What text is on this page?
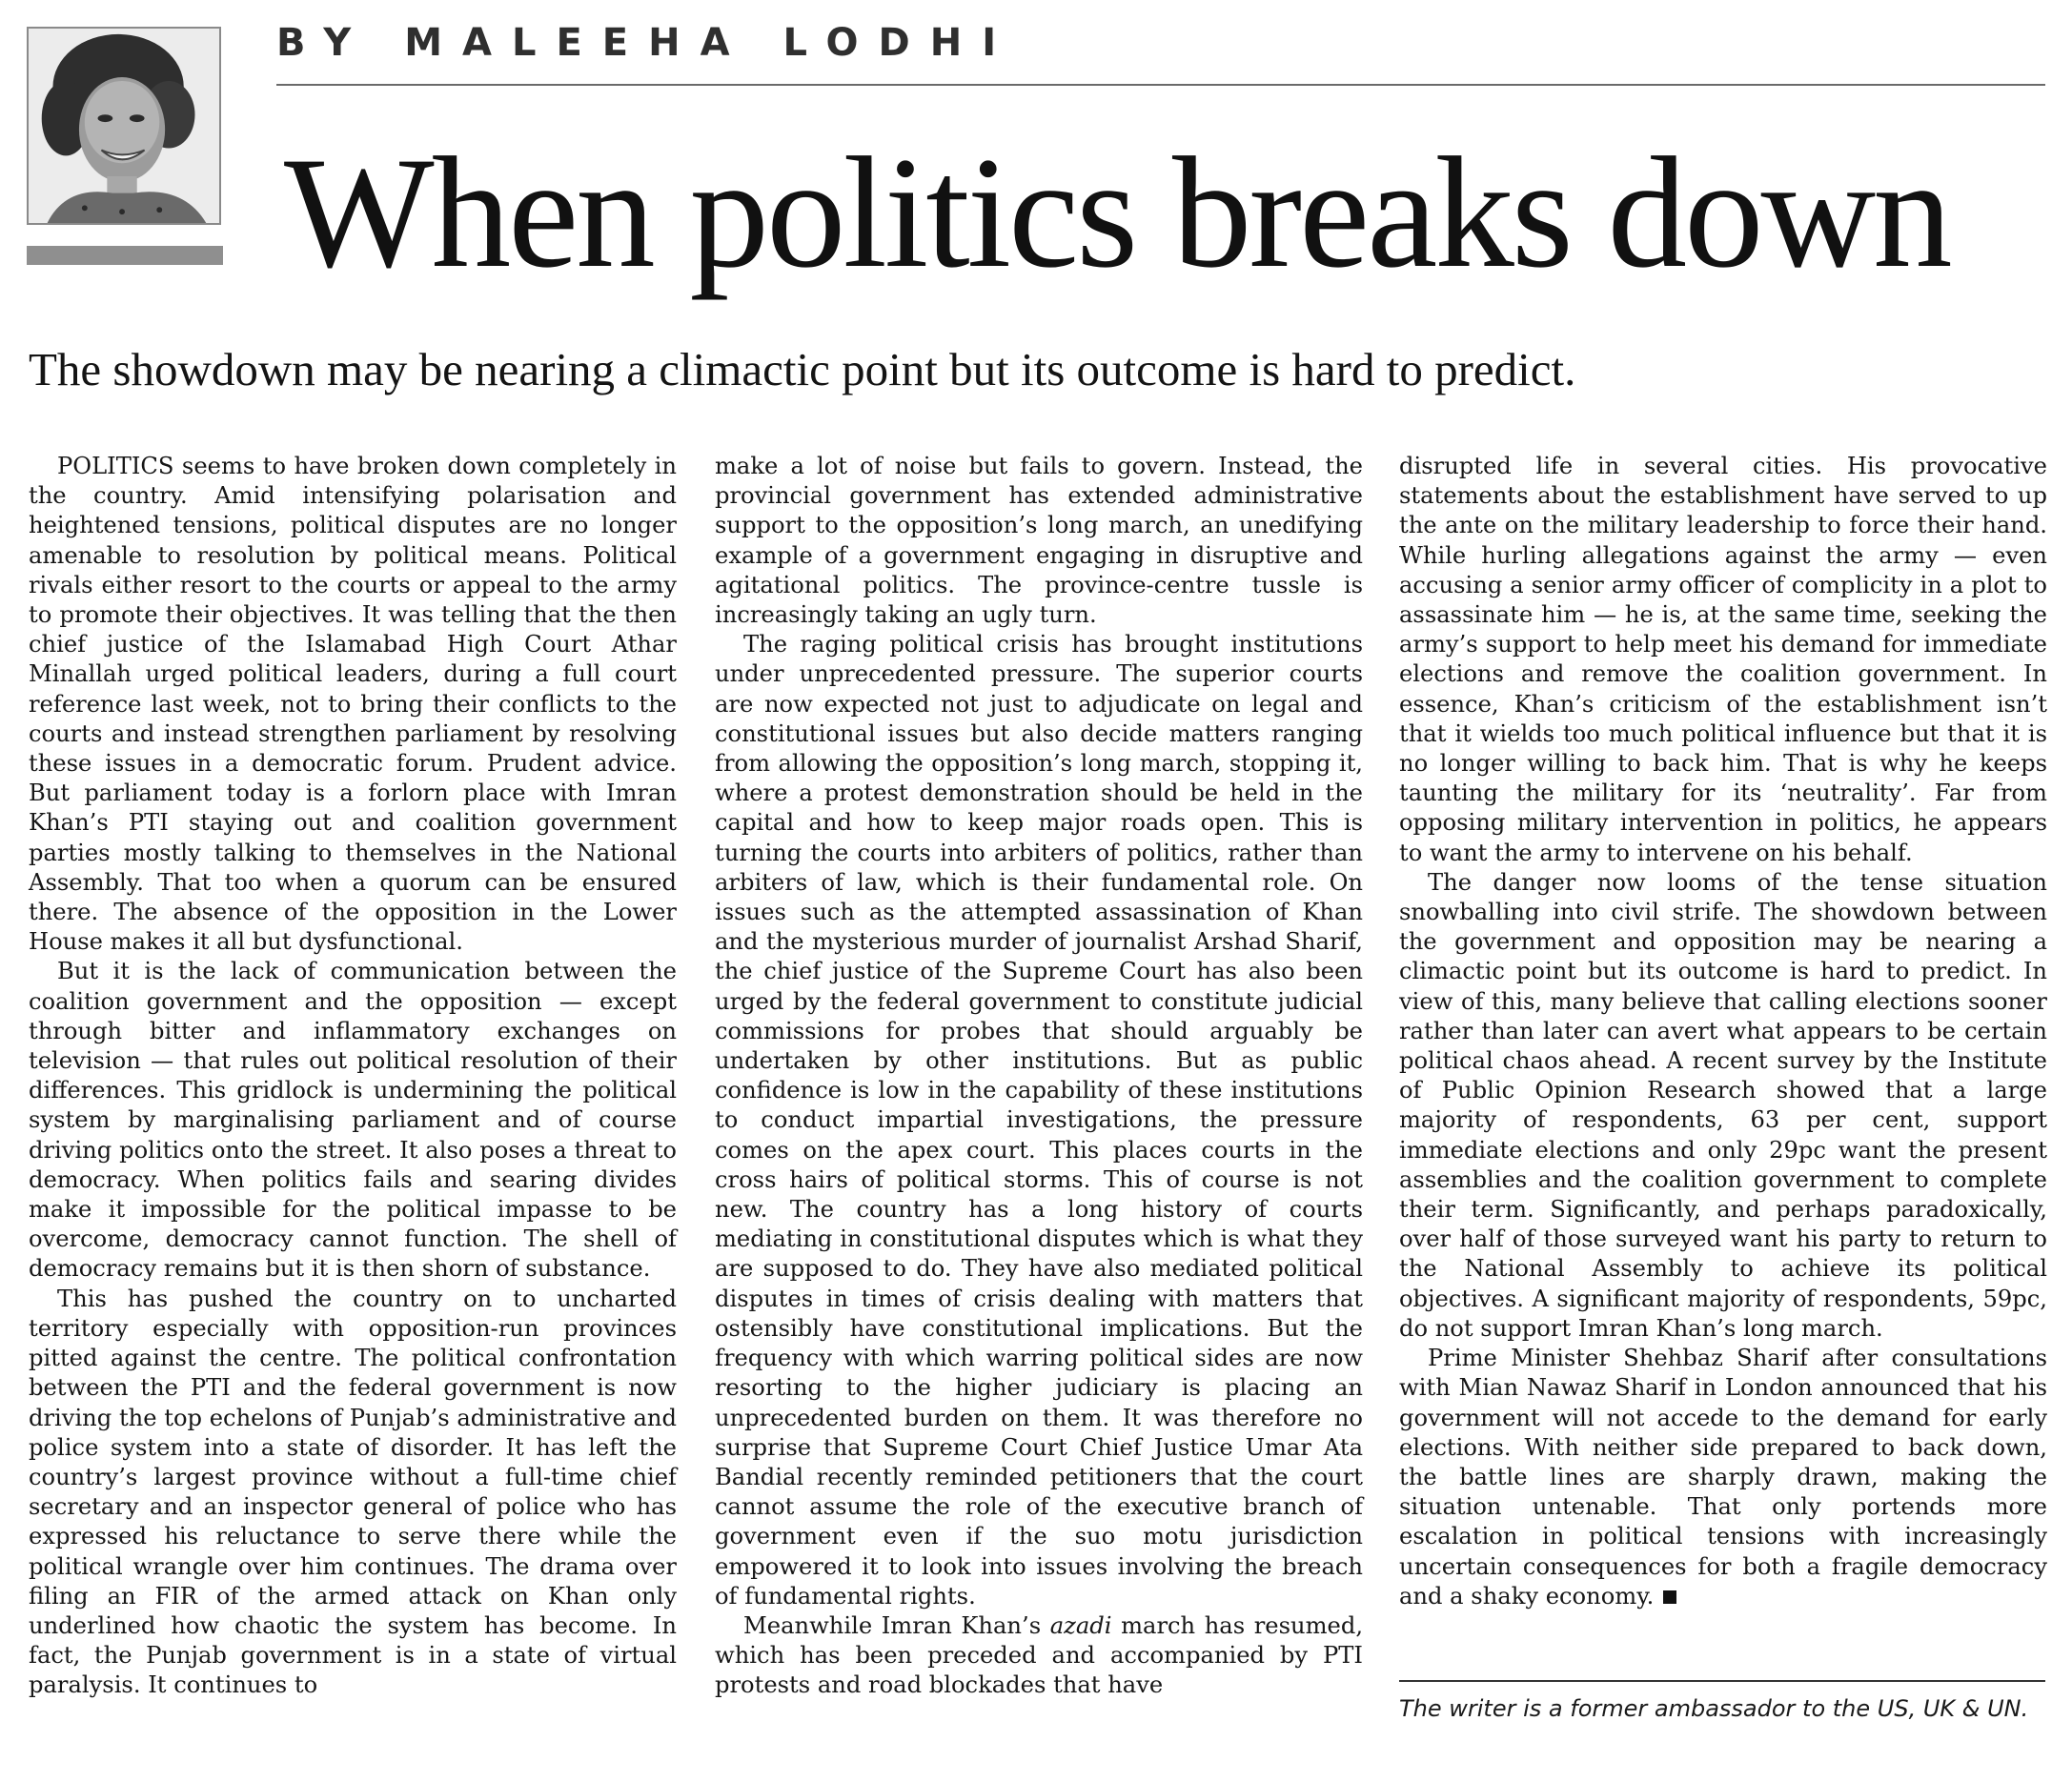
BY MALEEHA LODHI
When politics breaks down

The showdown may be nearing a climactic point but its outcome is hard to predict.

POLITICS seems to have broken down completely in the country. Amid intensifying polarisation and heightened tensions, political disputes are no longer amenable to resolution by political means. Political rivals either resort to the courts or appeal to the army to promote their objectives. It was telling that the then chief justice of the Islamabad High Court Athar Minallah urged political leaders, during a full court reference last week, not to bring their conflicts to the courts and instead strengthen parliament by resolving these issues in a democratic forum. Prudent advice. But parliament today is a forlorn place with Imran Khan’s PTI staying out and coalition government parties mostly talking to themselves in the National Assembly. That too when a quorum can be ensured there. The absence of the opposition in the Lower House makes it all but dysfunctional.

But it is the lack of communication between the coalition government and the opposition — except through bitter and inflammatory exchanges on television — that rules out political resolution of their differences. This gridlock is undermining the political system by marginalising parliament and of course driving politics onto the street. It also poses a threat to democracy. When politics fails and searing divides make it impossible for the political impasse to be overcome, democracy cannot function. The shell of democracy remains but it is then shorn of substance.

This has pushed the country on to uncharted territory especially with opposition-run provinces pitted against the centre. The political confrontation between the PTI and the federal government is now driving the top echelons of Punjab’s administrative and police system into a state of disorder. It has left the country’s largest province without a full-time chief secretary and an inspector general of police who has expressed his reluctance to serve there while the political wrangle over him continues. The drama over filing an FIR of the armed attack on Khan only underlined how chaotic the system has become. In fact, the Punjab government is in a state of virtual paralysis. It continues to

make a lot of noise but fails to govern. Instead, the provincial government has extended administrative support to the opposition’s long march, an unedifying example of a government engaging in disruptive and agitational politics. The province-centre tussle is increasingly taking an ugly turn.

The raging political crisis has brought institutions under unprecedented pressure. The superior courts are now expected not just to adjudicate on legal and constitutional issues but also decide matters ranging from allowing the opposition’s long march, stopping it, where a protest demonstration should be held in the capital and how to keep major roads open. This is turning the courts into arbiters of politics, rather than arbiters of law, which is their fundamental role. On issues such as the attempted assassination of Khan and the mysterious murder of journalist Arshad Sharif, the chief justice of the Supreme Court has also been urged by the federal government to constitute judicial commissions for probes that should arguably be undertaken by other institutions. But as public confidence is low in the capability of these institutions to conduct impartial investigations, the pressure comes on the apex court. This places courts in the cross hairs of political storms. This of course is not new. The country has a long history of courts mediating in constitutional disputes which is what they are supposed to do. They have also mediated political disputes in times of crisis dealing with matters that ostensibly have constitutional implications. But the frequency with which warring political sides are now resorting to the higher judiciary is placing an unprecedented burden on them. It was therefore no surprise that Supreme Court Chief Justice Umar Ata Bandial recently reminded petitioners that the court cannot assume the role of the executive branch of government even if the suo motu jurisdiction empowered it to look into issues involving the breach of fundamental rights.

Meanwhile Imran Khan’s azadi march has resumed, which has been preceded and accompanied by PTI protests and road blockades that have

disrupted life in several cities. His provocative statements about the establishment have served to up the ante on the military leadership to force their hand. While hurling allegations against the army — even accusing a senior army officer of complicity in a plot to assassinate him — he is, at the same time, seeking the army’s support to help meet his demand for immediate elections and remove the coalition government. In essence, Khan’s criticism of the establishment isn’t that it wields too much political influence but that it is no longer willing to back him. That is why he keeps taunting the military for its ‘neutrality’. Far from opposing military intervention in politics, he appears to want the army to intervene on his behalf.

The danger now looms of the tense situation snowballing into civil strife. The showdown between the government and opposition may be nearing a climactic point but its outcome is hard to predict. In view of this, many believe that calling elections sooner rather than later can avert what appears to be certain political chaos ahead. A recent survey by the Institute of Public Opinion Research showed that a large majority of respondents, 63 per cent, support immediate elections and only 29pc want the present assemblies and the coalition government to complete their term. Significantly, and perhaps paradoxically, over half of those surveyed want his party to return to the National Assembly to achieve its political objectives. A significant majority of respondents, 59pc, do not support Imran Khan’s long march.

Prime Minister Shehbaz Sharif after consultations with Mian Nawaz Sharif in London announced that his government will not accede to the demand for early elections. With neither side prepared to back down, the battle lines are sharply drawn, making the situation untenable. That only portends more escalation in political tensions with increasingly uncertain consequences for both a fragile democracy and a shaky economy.

The writer is a former ambassador to the US, UK & UN.
